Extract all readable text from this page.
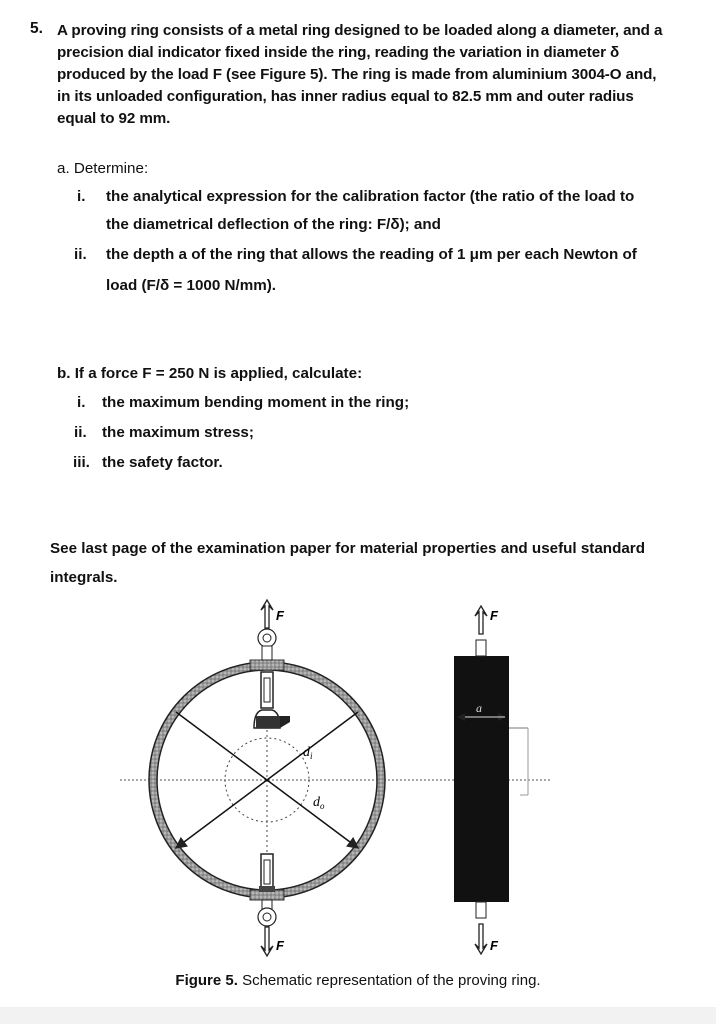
5. A proving ring consists of a metal ring designed to be loaded along a diameter, and a precision dial indicator fixed inside the ring, reading the variation in diameter δ produced by the load F (see Figure 5). The ring is made from aluminium 3004-O and, in its unloaded configuration, has inner radius equal to 82.5 mm and outer radius equal to 92 mm.
a. Determine:
i. the analytical expression for the calibration factor (the ratio of the load to
the diametrical deflection of the ring: F/δ); and
ii. the depth a of the ring that allows the reading of 1 μm per each Newton of
load (F/δ = 1000 N/mm).
b. If a force F = 250 N is applied, calculate:
i. the maximum bending moment in the ring;
ii. the maximum stress;
iii. the safety factor.
See last page of the examination paper for material properties and useful standard
integrals.
F
F
$d_i$
$d_o$
a
F
F
Figure 5. Schematic representation of the proving ring.
